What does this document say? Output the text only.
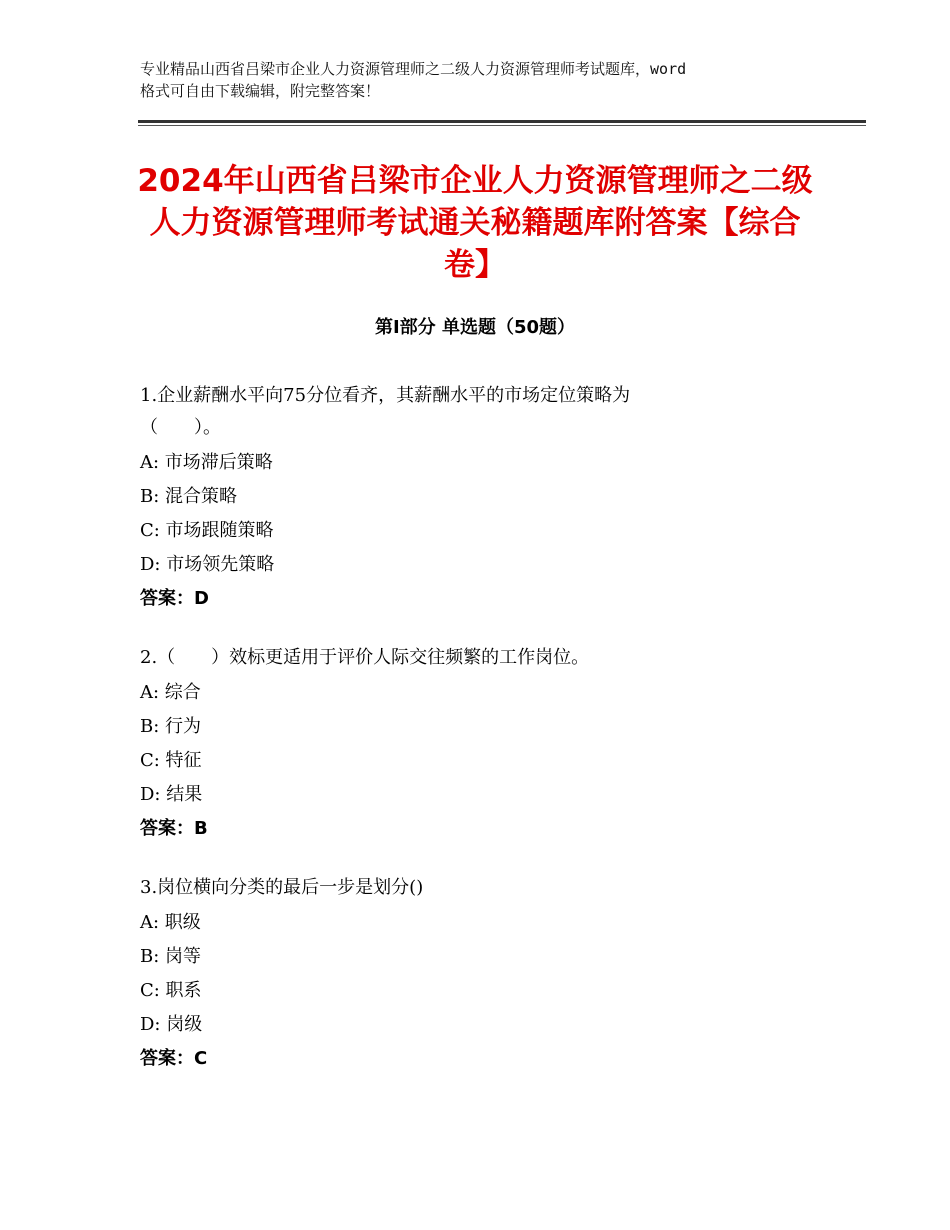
专业精品山西省吕梁市企业人力资源管理师之二级人力资源管理师考试题库，word
格式可自由下载编辑，附完整答案！
2024年山西省吕梁市企业人力资源管理师之二级人力资源管理师考试通关秘籍题库附答案【综合卷】
第Ⅰ部分 单选题（50题）
1.企业薪酬水平向75分位看齐，其薪酬水平的市场定位策略为
（　　）。
A: 市场滞后策略
B: 混合策略
C: 市场跟随策略
D: 市场领先策略
答案：D
2.（　　）效标更适用于评价人际交往频繁的工作岗位。
A: 综合
B: 行为
C: 特征
D: 结果
答案：B
3.岗位横向分类的最后一步是划分()
A: 职级
B: 岗等
C: 职系
D: 岗级
答案：C
